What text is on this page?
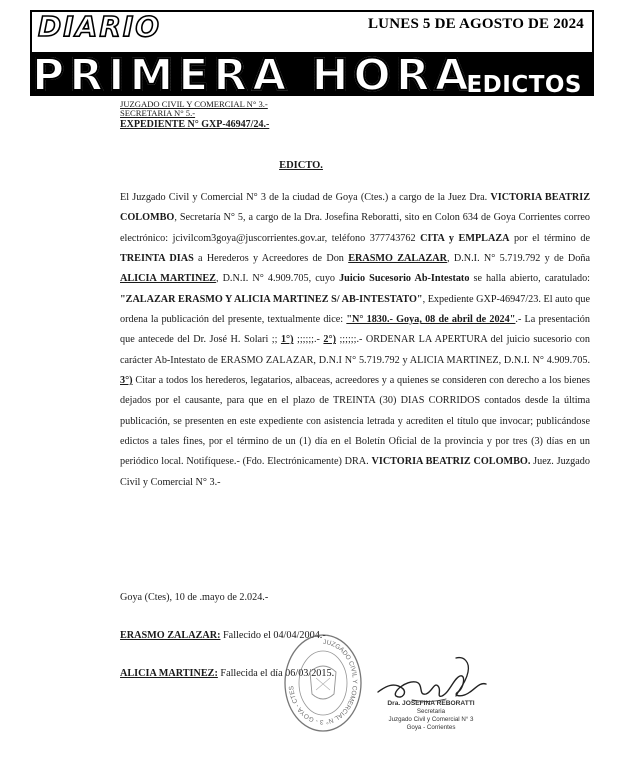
DIARIO	LUNES 5 DE AGOSTO DE 2024
PRIMERA HORA
EDICTOS
JUZGADO CIVIL Y COMERCIAL N° 3.-
SECRETARIA N° 5.-
EXPEDIENTE N° GXP-46947/24.-
EDICTO.
El Juzgado Civil y Comercial N° 3 de la ciudad de Goya (Ctes.) a cargo de la Juez Dra. VICTORIA BEATRIZ COLOMBO, Secretaría N° 5, a cargo de la Dra. Josefina Reboratti, sito en Colon 634 de Goya Corrientes correo electrónico: jcivilcom3goya@juscorrientes.gov.ar, teléfono 377743762 CITA y EMPLAZA por el término de TREINTA DIAS a Herederos y Acreedores de Don ERASMO ZALAZAR, D.N.I. N° 5.719.792 y de Doña ALICIA MARTINEZ, D.N.I. N° 4.909.705, cuyo Juicio Sucesorio Ab-Intestato se halla abierto, caratulado: "ZALAZAR ERASMO Y ALICIA MARTINEZ S/ AB-INTESTATO", Expediente GXP-46947/23. El auto que ordena la publicación del presente, textualmente dice: "N° 1830.- Goya, 08 de abril de 2024".- La presentación que antecede del Dr. José H. Solari ;; 1°) ;;;;;;.- 2°) ;;;;;;.- ORDENAR LA APERTURA del juicio sucesorio con carácter Ab-Intestato de ERASMO ZALAZAR, D.N.I N° 5.719.792 y ALICIA MARTINEZ, D.N.I. N° 4.909.705. 3°) Citar a todos los herederos, legatarios, albaceas, acreedores y a quienes se consideren con derecho a los bienes dejados por el causante, para que en el plazo de TREINTA (30) DIAS CORRIDOS contados desde la última publicación, se presenten en este expediente con asistencia letrada y acrediten el título que invocar; publicándose edictos a tales fines, por el término de un (1) día en el Boletín Oficial de la provincia y por tres (3) días en un periódico local. Notifíquese.- (Fdo. Electrónicamente) DRA. VICTORIA BEATRIZ COLOMBO. Juez. Juzgado Civil y Comercial N° 3.-
Goya (Ctes), 10 de .mayo de 2.024.-
ERASMO ZALAZAR: Fallecido el 04/04/2004.-
ALICIA MARTINEZ: Fallecida el día 06/03/2015.
JUZGADO CIVIL Y COMERCIAL N° 3 - GOYA - CTES
Dra. JOSEFINA REBORATTI
Secretaria
Juzgado Civil y Comercial N° 3
Goya - Corrientes
